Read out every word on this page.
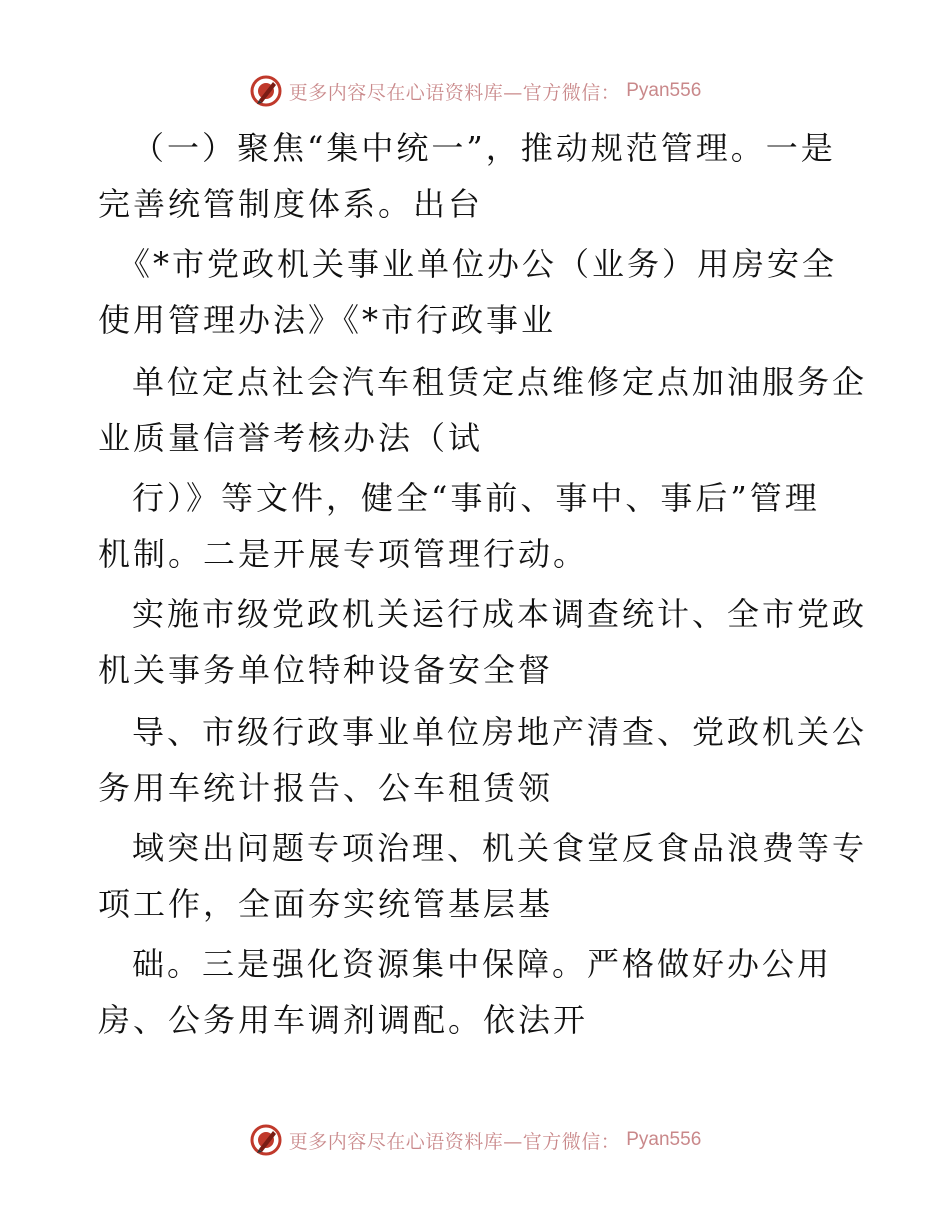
更多内容尽在心语资料库—官方微信： Pyan556
（一）聚焦“集中统一”，推动规范管理。一是
完善统管制度体系。出台
《*市党政机关事业单位办公（业务）用房安全
使用管理办法》《*市行政事业
单位定点社会汽车租赁定点维修定点加油服务企
业质量信誉考核办法（试
行）》等文件，健全“事前、事中、事后”管理
机制。二是开展专项管理行动。
实施市级党政机关运行成本调查统计、全市党政
机关事务单位特种设备安全督
导、市级行政事业单位房地产清查、党政机关公
务用车统计报告、公车租赁领
域突出问题专项治理、机关食堂反食品浪费等专
项工作，全面夯实统管基层基
础。三是强化资源集中保障。严格做好办公用
房、公务用车调剂调配。依法开
更多内容尽在心语资料库—官方微信： Pyan556
